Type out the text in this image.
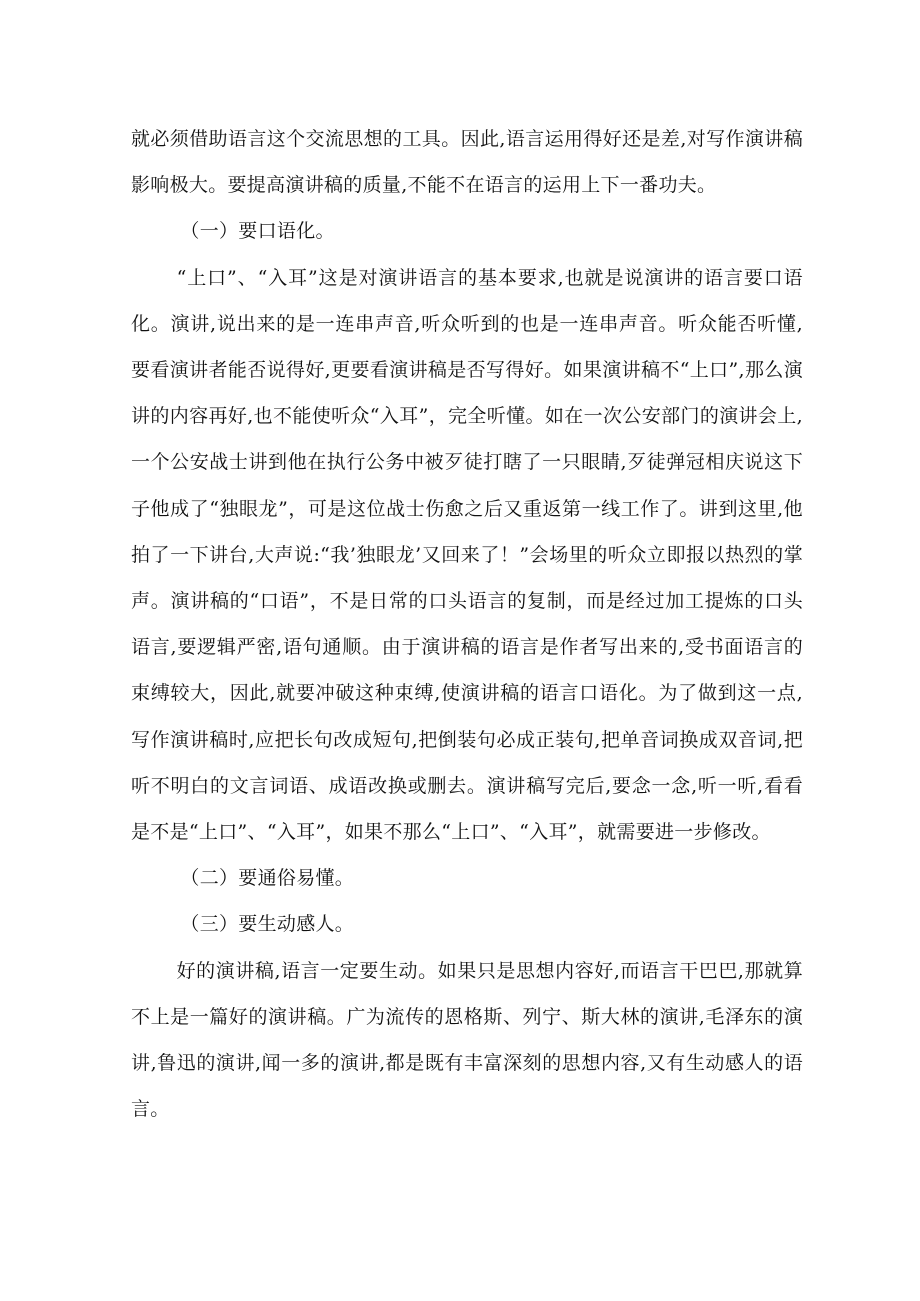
就必须借助语言这个交流思想的工具。因此,语言运用得好还是差,对写作演讲稿影响极大。要提高演讲稿的质量,不能不在语言的运用上下一番功夫。

（一）要口语化。

“上口”、“入耳”这是对演讲语言的基本要求,也就是说演讲的语言要口语化。演讲,说出来的是一连串声音,听众听到的也是一连串声音。听众能否听懂,要看演讲者能否说得好,更要看演讲稿是否写得好。如果演讲稿不“上口”,那么演讲的内容再好,也不能使听众“入耳”，完全听懂。如在一次公安部门的演讲会上,一个公安战士讲到他在执行公务中被歹徒打瞎了一只眼睛,歹徒弹冠相庆说这下子他成了“独眼龙”，可是这位战士伤愈之后又重返第一线工作了。讲到这里,他拍了一下讲台,大声说:“我’独眼龙’又回来了！”会场里的听众立即报以热烈的掌声。演讲稿的“口语”，不是日常的口头语言的复制，而是经过加工提炼的口头语言,要逻辑严密,语句通顺。由于演讲稿的语言是作者写出来的,受书面语言的束缚较大，因此,就要冲破这种束缚,使演讲稿的语言口语化。为了做到这一点,写作演讲稿时,应把长句改成短句,把倒装句必成正装句,把单音词换成双音词,把听不明白的文言词语、成语改换或删去。演讲稿写完后,要念一念,听一听,看看是不是“上口”、“入耳”，如果不那么“上口”、“入耳”，就需要进一步修改。

（二）要通俗易懂。

（三）要生动感人。

好的演讲稿,语言一定要生动。如果只是思想内容好,而语言干巴巴,那就算不上是一篇好的演讲稿。广为流传的恩格斯、列宁、斯大林的演讲,毛泽东的演讲,鲁迅的演讲,闻一多的演讲,都是既有丰富深刻的思想内容,又有生动感人的语言。
